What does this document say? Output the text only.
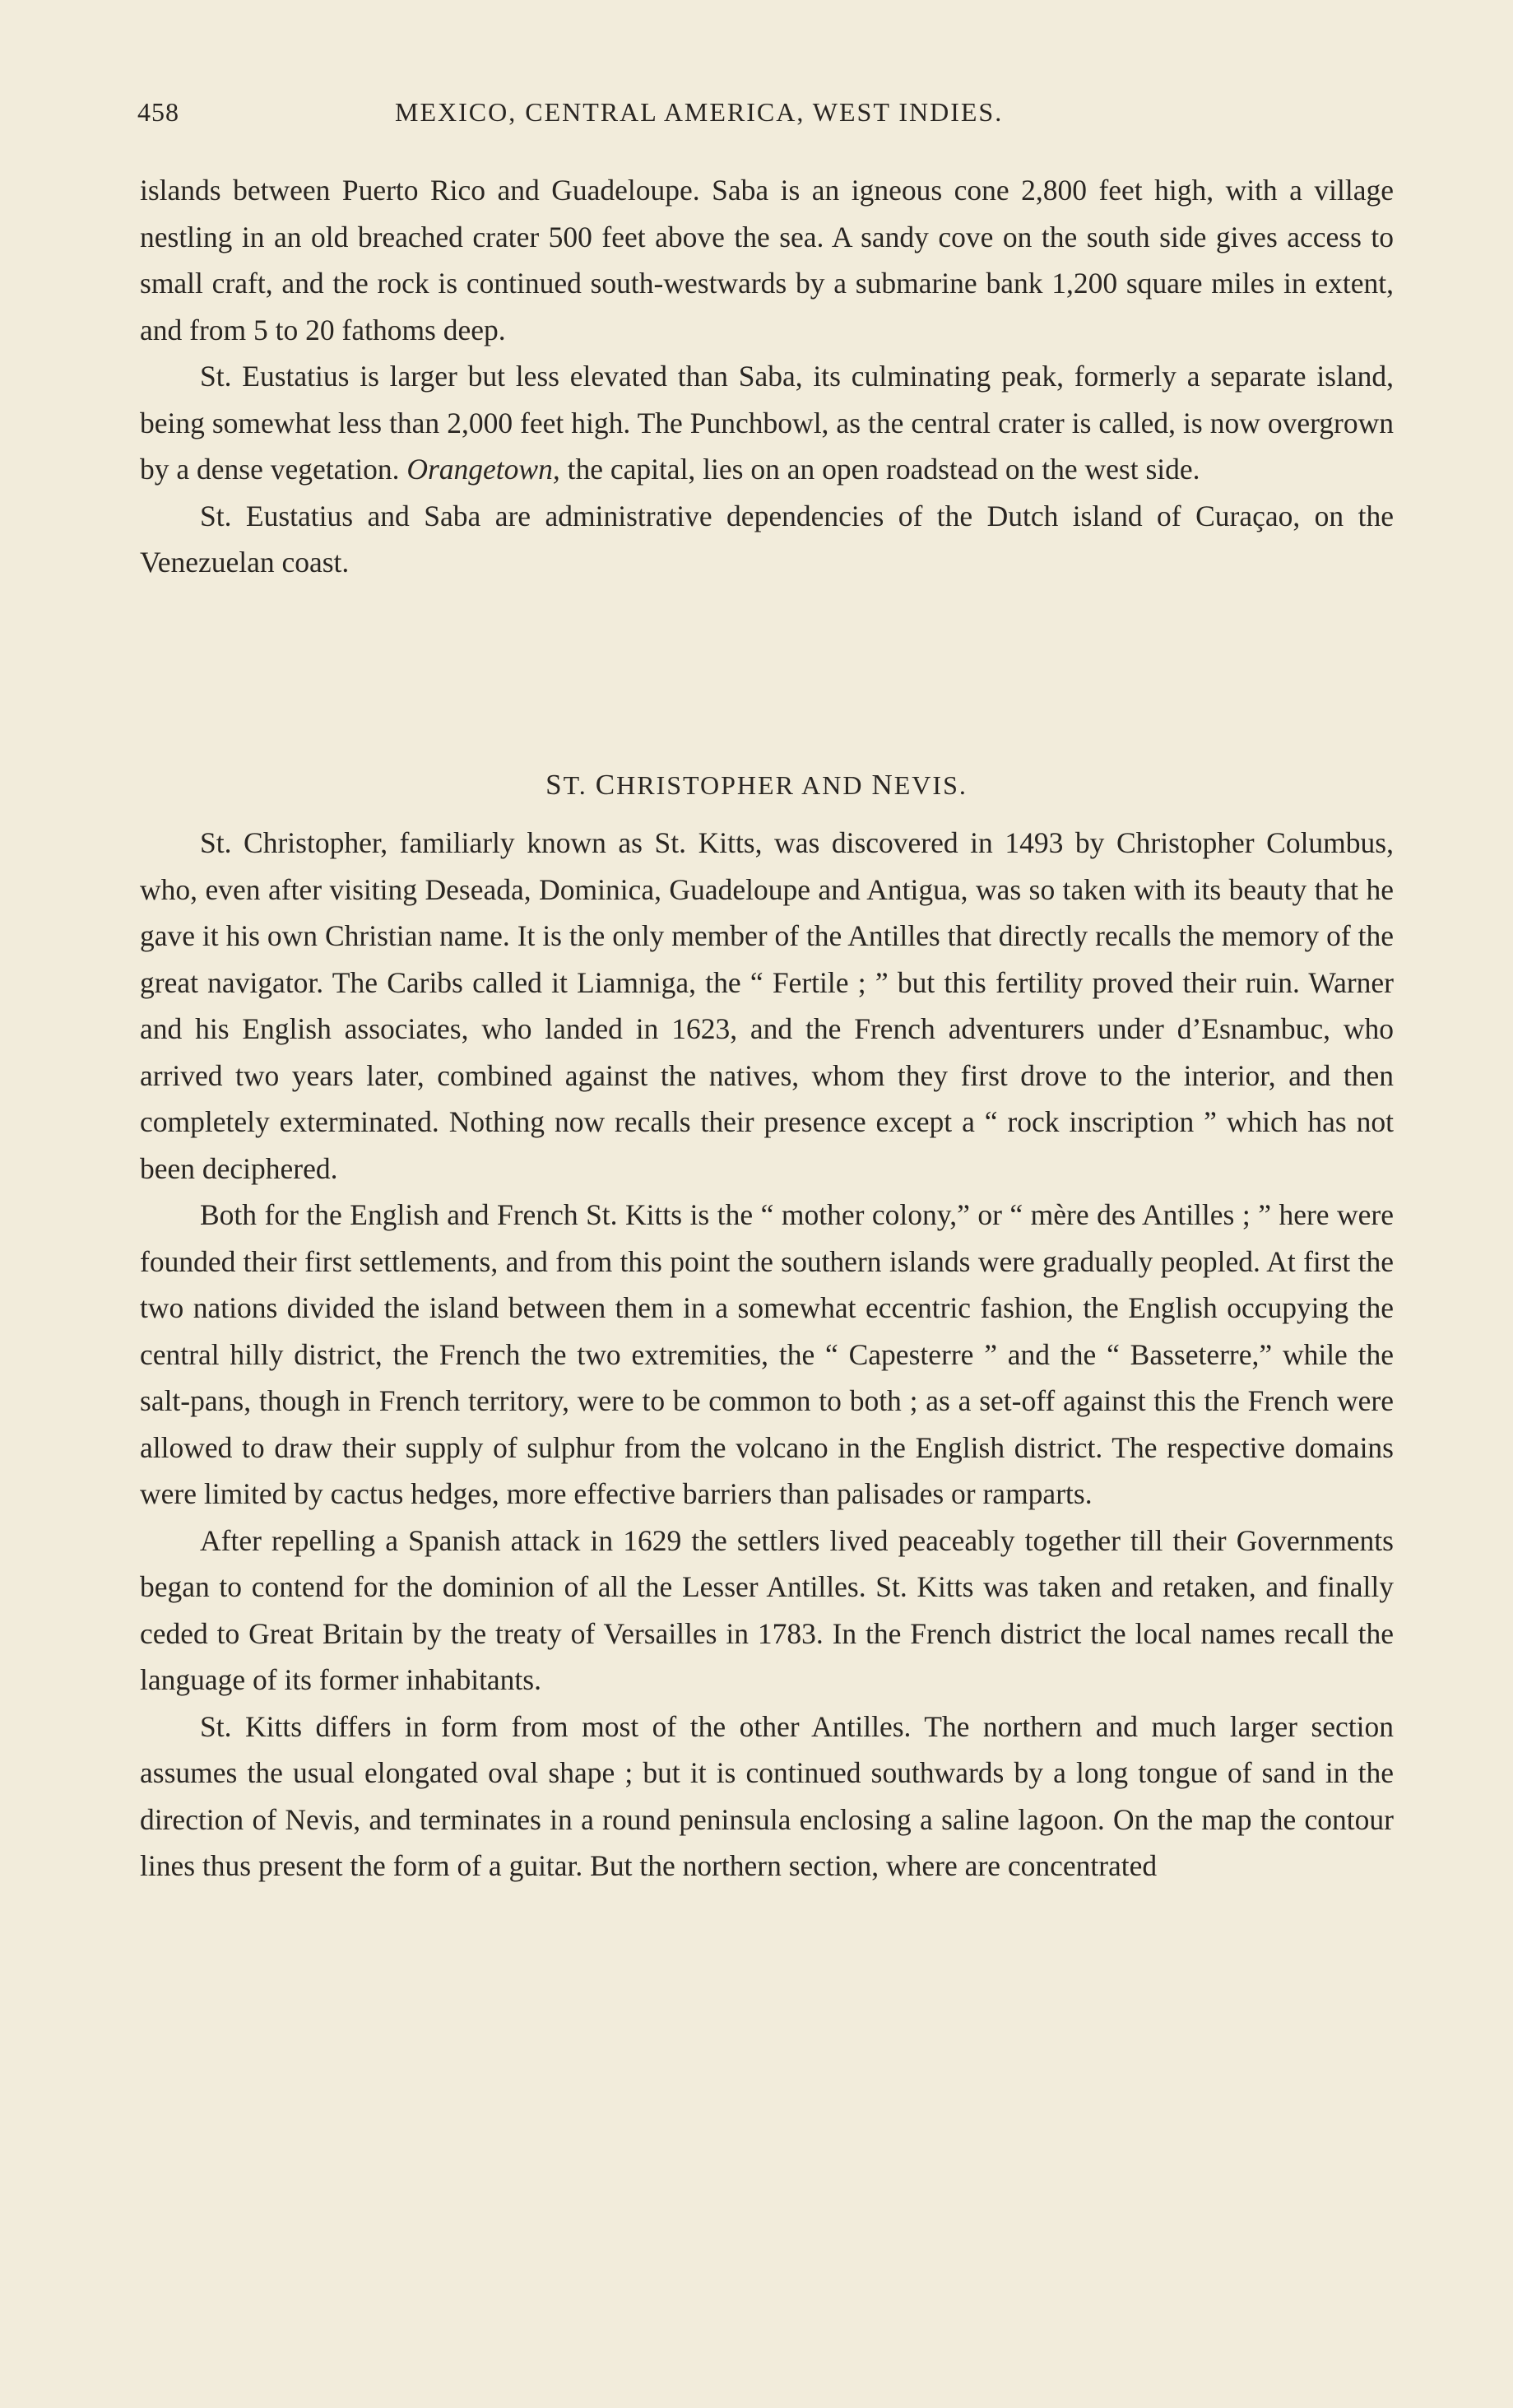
458	MEXICO, CENTRAL AMERICA, WEST INDIES.

islands between Puerto Rico and Guadeloupe. Saba is an igneous cone 2,800 feet high, with a village nestling in an old breached crater 500 feet above the sea. A sandy cove on the south side gives access to small craft, and the rock is continued south-westwards by a submarine bank 1,200 square miles in extent, and from 5 to 20 fathoms deep.

St. Eustatius is larger but less elevated than Saba, its culminating peak, formerly a separate island, being somewhat less than 2,000 feet high. The Punchbowl, as the central crater is called, is now overgrown by a dense vegetation. Orangetown, the capital, lies on an open roadstead on the west side.

St. Eustatius and Saba are administrative dependencies of the Dutch island of Curaçao, on the Venezuelan coast.

ST. CHRISTOPHER AND NEVIS.

St. Christopher, familiarly known as St. Kitts, was discovered in 1493 by Christopher Columbus, who, even after visiting Deseada, Dominica, Guadeloupe and Antigua, was so taken with its beauty that he gave it his own Christian name. It is the only member of the Antilles that directly recalls the memory of the great navigator. The Caribs called it Liamniga, the “ Fertile ; ” but this fertility proved their ruin. Warner and his English associates, who landed in 1623, and the French adventurers under d’Esnambuc, who arrived two years later, combined against the natives, whom they first drove to the interior, and then completely exterminated. Nothing now recalls their presence except a “ rock inscription ” which has not been deciphered.

Both for the English and French St. Kitts is the “ mother colony,” or “ mère des Antilles ; ” here were founded their first settlements, and from this point the southern islands were gradually peopled. At first the two nations divided the island between them in a somewhat eccentric fashion, the English occupying the central hilly district, the French the two extremities, the “ Capesterre ” and the “ Basseterre,” while the salt-pans, though in French territory, were to be common to both ; as a set-off against this the French were allowed to draw their supply of sulphur from the volcano in the English district. The respective domains were limited by cactus hedges, more effective barriers than palisades or ramparts.

After repelling a Spanish attack in 1629 the settlers lived peaceably together till their Governments began to contend for the dominion of all the Lesser Antilles. St. Kitts was taken and retaken, and finally ceded to Great Britain by the treaty of Versailles in 1783. In the French district the local names recall the language of its former inhabitants.

St. Kitts differs in form from most of the other Antilles. The northern and much larger section assumes the usual elongated oval shape ; but it is continued southwards by a long tongue of sand in the direction of Nevis, and terminates in a round peninsula enclosing a saline lagoon. On the map the contour lines thus present the form of a guitar. But the northern section, where are concentrated
